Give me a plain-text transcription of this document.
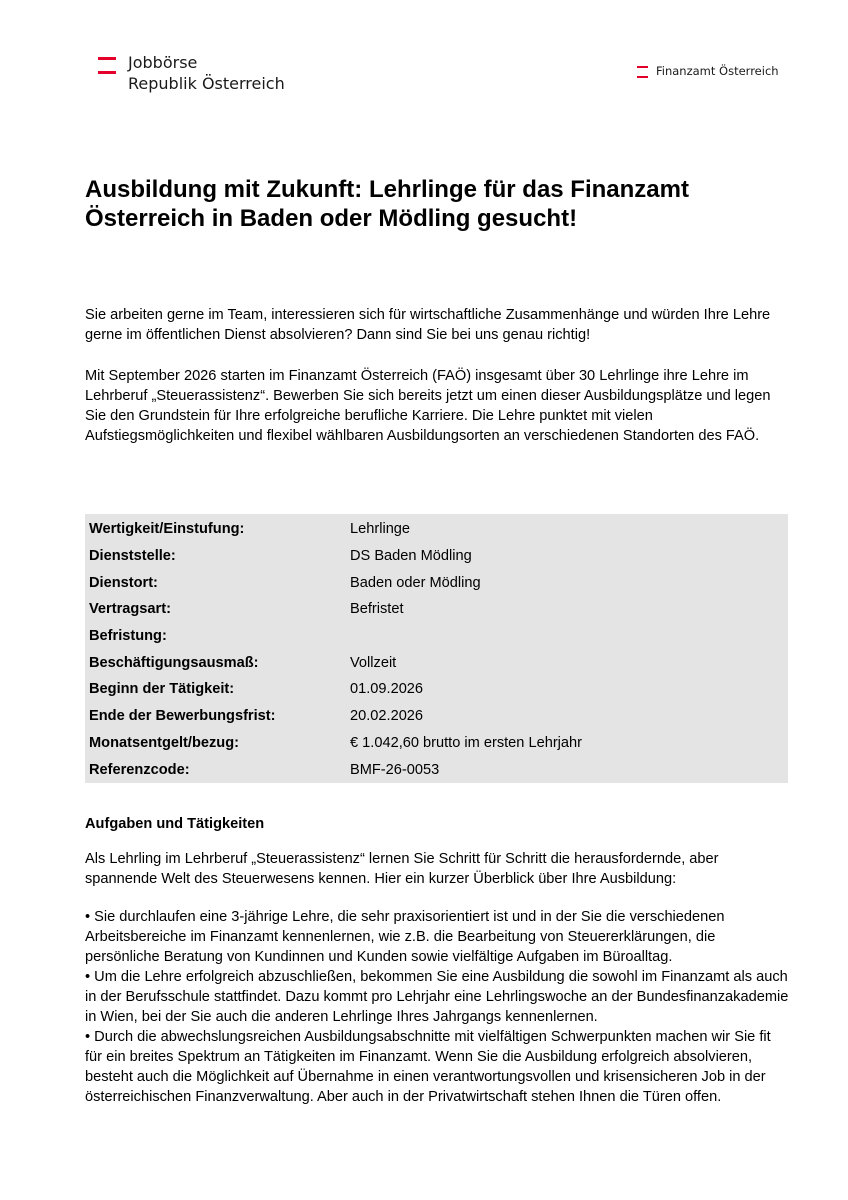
Jobbörse
Republik Österreich
Finanzamt Österreich
Ausbildung mit Zukunft: Lehrlinge für das Finanzamt Österreich in Baden oder Mödling gesucht!

Sie arbeiten gerne im Team, interessieren sich für wirtschaftliche Zusammenhänge und würden Ihre Lehre gerne im öffentlichen Dienst absolvieren? Dann sind Sie bei uns genau richtig!

Mit September 2026 starten im Finanzamt Österreich (FAÖ) insgesamt über 30 Lehrlinge ihre Lehre im Lehrberuf „Steuerassistenz“. Bewerben Sie sich bereits jetzt um einen dieser Ausbildungsplätze und legen Sie den Grundstein für Ihre erfolgreiche berufliche Karriere. Die Lehre punktet mit vielen Aufstiegsmöglichkeiten und flexibel wählbaren Ausbildungsorten an verschiedenen Standorten des FAÖ.

Wertigkeit/Einstufung:	Lehrlinge
Dienststelle:	DS Baden Mödling
Dienstort:	Baden oder Mödling
Vertragsart:	Befristet
Befristung:	
Beschäftigungsausmaß:	Vollzeit
Beginn der Tätigkeit:	01.09.2026
Ende der Bewerbungsfrist:	20.02.2026
Monatsentgelt/bezug:	€ 1.042,60 brutto im ersten Lehrjahr
Referenzcode:	BMF-26-0053
Aufgaben und Tätigkeiten

Als Lehrling im Lehrberuf „Steuerassistenz“ lernen Sie Schritt für Schritt die herausfordernde, aber spannende Welt des Steuerwesens kennen. Hier ein kurzer Überblick über Ihre Ausbildung:

• Sie durchlaufen eine 3-jährige Lehre, die sehr praxisorientiert ist und in der Sie die verschiedenen Arbeitsbereiche im Finanzamt kennenlernen, wie z.B. die Bearbeitung von Steuererklärungen, die persönliche Beratung von Kundinnen und Kunden sowie vielfältige Aufgaben im Büroalltag.

• Um die Lehre erfolgreich abzuschließen, bekommen Sie eine Ausbildung die sowohl im Finanzamt als auch in der Berufsschule stattfindet. Dazu kommt pro Lehrjahr eine Lehrlingswoche an der Bundesfinanzakademie in Wien, bei der Sie auch die anderen Lehrlinge Ihres Jahrgangs kennenlernen.

• Durch die abwechslungsreichen Ausbildungsabschnitte mit vielfältigen Schwerpunkten machen wir Sie fit für ein breites Spektrum an Tätigkeiten im Finanzamt. Wenn Sie die Ausbildung erfolgreich absolvieren, besteht auch die Möglichkeit auf Übernahme in einen verantwortungsvollen und krisensicheren Job in der österreichischen Finanzverwaltung. Aber auch in der Privatwirtschaft stehen Ihnen die Türen offen.
